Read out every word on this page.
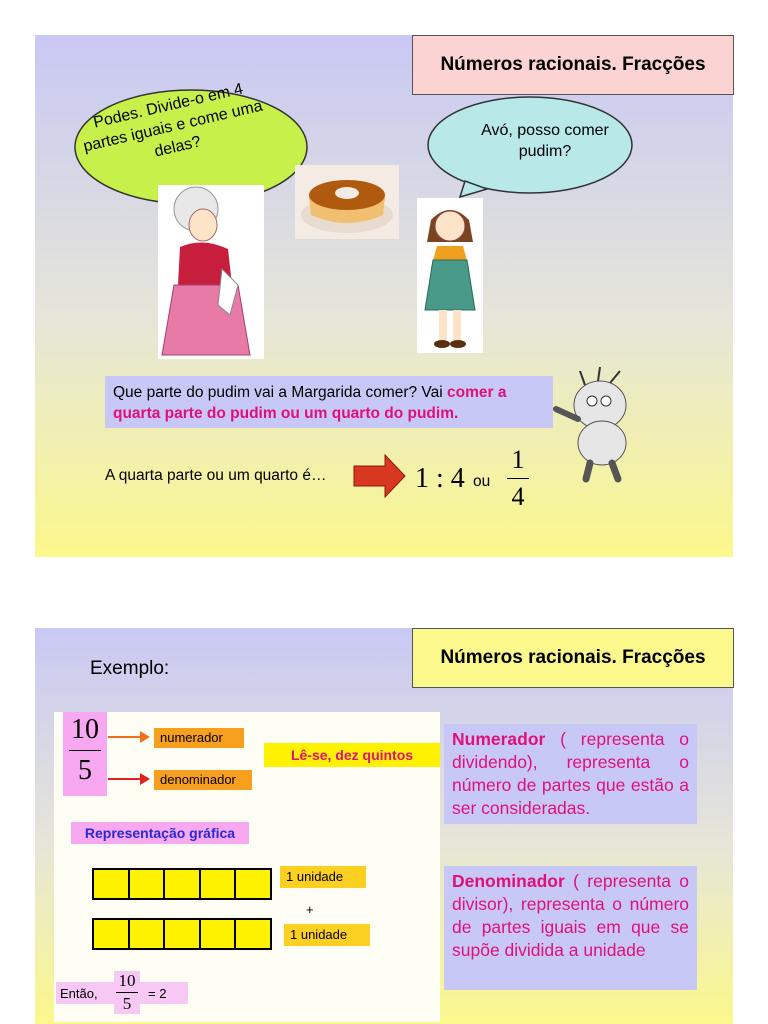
Números racionais. Fracções
Podes. Divide-o em 4 partes iguais e come uma delas?
Avó, posso comer pudim?
Que parte do pudim vai a Margarida comer? Vai comer a quarta parte do pudim ou um quarto do pudim.
A quarta parte ou um quarto é…	1 : 4 ou
1
4
Números racionais. Fracções
Exemplo:
10
5
numerador
denominador
Lê-se, dez quintos
Representação gráfica
1 unidade
+
1 unidade
Então,
10
5
= 2
Numerador ( representa o dividendo), representa o número de partes que estão a ser consideradas.
Denominador ( representa o divisor), representa o número de partes iguais em que se supõe dividida a unidade
